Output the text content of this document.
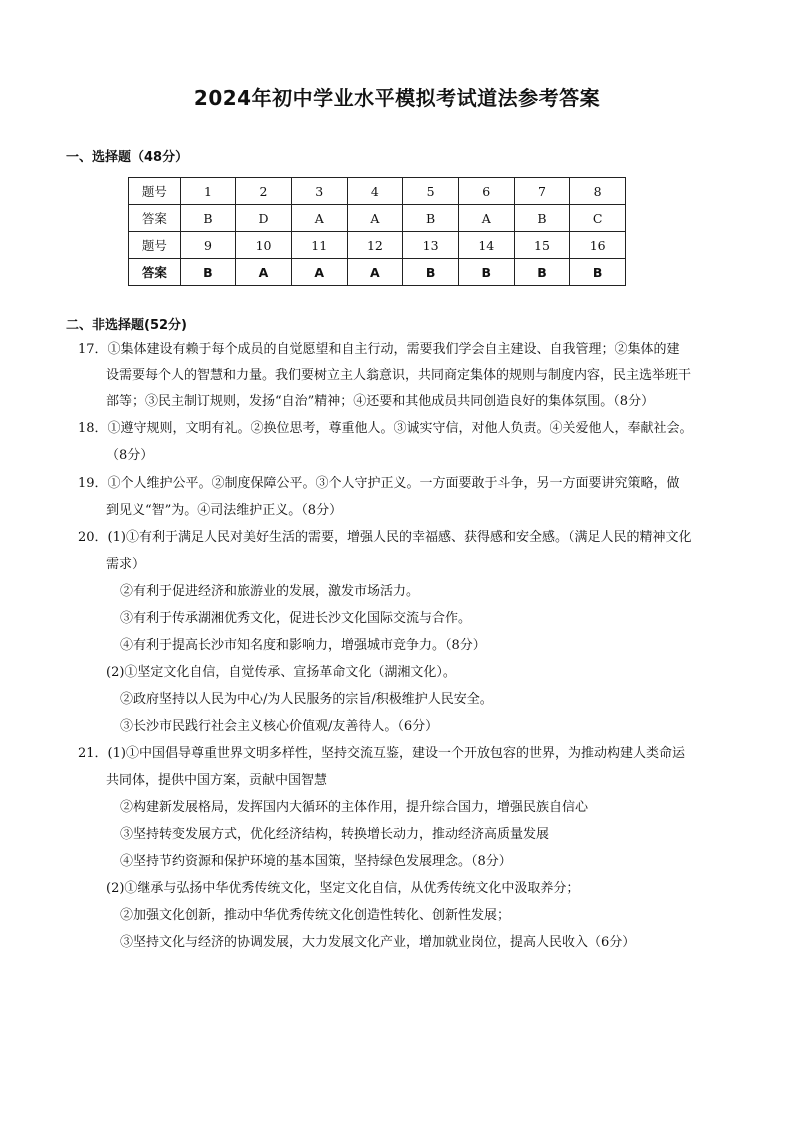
2024年初中学业水平模拟考试道法参考答案
一、选择题（48分）
题号	1	2	3	4	5	6	7	8
答案	B	D	A	A	B	A	B	C
题号	9	10	11	12	13	14	15	16
答案	B	A	A	A	B	B	B	B
二、非选择题(52分)
17．①集体建设有赖于每个成员的自觉愿望和自主行动，需要我们学会自主建设、自我管理；②集体的建
设需要每个人的智慧和力量。我们要树立主人翁意识，共同商定集体的规则与制度内容，民主选举班干
部等；③民主制订规则，发扬“自治”精神；④还要和其他成员共同创造良好的集体氛围。（8分）
18．①遵守规则，文明有礼。②换位思考，尊重他人。③诚实守信，对他人负责。④关爱他人，奉献社会。
（8分）
19．①个人维护公平。②制度保障公平。③个人守护正义。一方面要敢于斗争，另一方面要讲究策略，做
到见义“智”为。④司法维护正义。（8分）
20．(1)①有利于满足人民对美好生活的需要，增强人民的幸福感、获得感和安全感。（满足人民的精神文化
需求）
②有利于促进经济和旅游业的发展，激发市场活力。
③有利于传承湖湘优秀文化，促进长沙文化国际交流与合作。
④有利于提高长沙市知名度和影响力，增强城市竞争力。（8分）
(2)①坚定文化自信，自觉传承、宣扬革命文化（湖湘文化）。
②政府坚持以人民为中心/为人民服务的宗旨/积极维护人民安全。
③长沙市民践行社会主义核心价值观/友善待人。（6分）
21．(1)①中国倡导尊重世界文明多样性，坚持交流互鉴，建设一个开放包容的世界，为推动构建人类命运
共同体，提供中国方案，贡献中国智慧
②构建新发展格局，发挥国内大循环的主体作用，提升综合国力，增强民族自信心
③坚持转变发展方式，优化经济结构，转换增长动力，推动经济高质量发展
④坚持节约资源和保护环境的基本国策，坚持绿色发展理念。（8分）
(2)①继承与弘扬中华优秀传统文化，坚定文化自信，从优秀传统文化中汲取养分；
②加强文化创新，推动中华优秀传统文化创造性转化、创新性发展；
③坚持文化与经济的协调发展，大力发展文化产业，增加就业岗位，提高人民收入（6分）
